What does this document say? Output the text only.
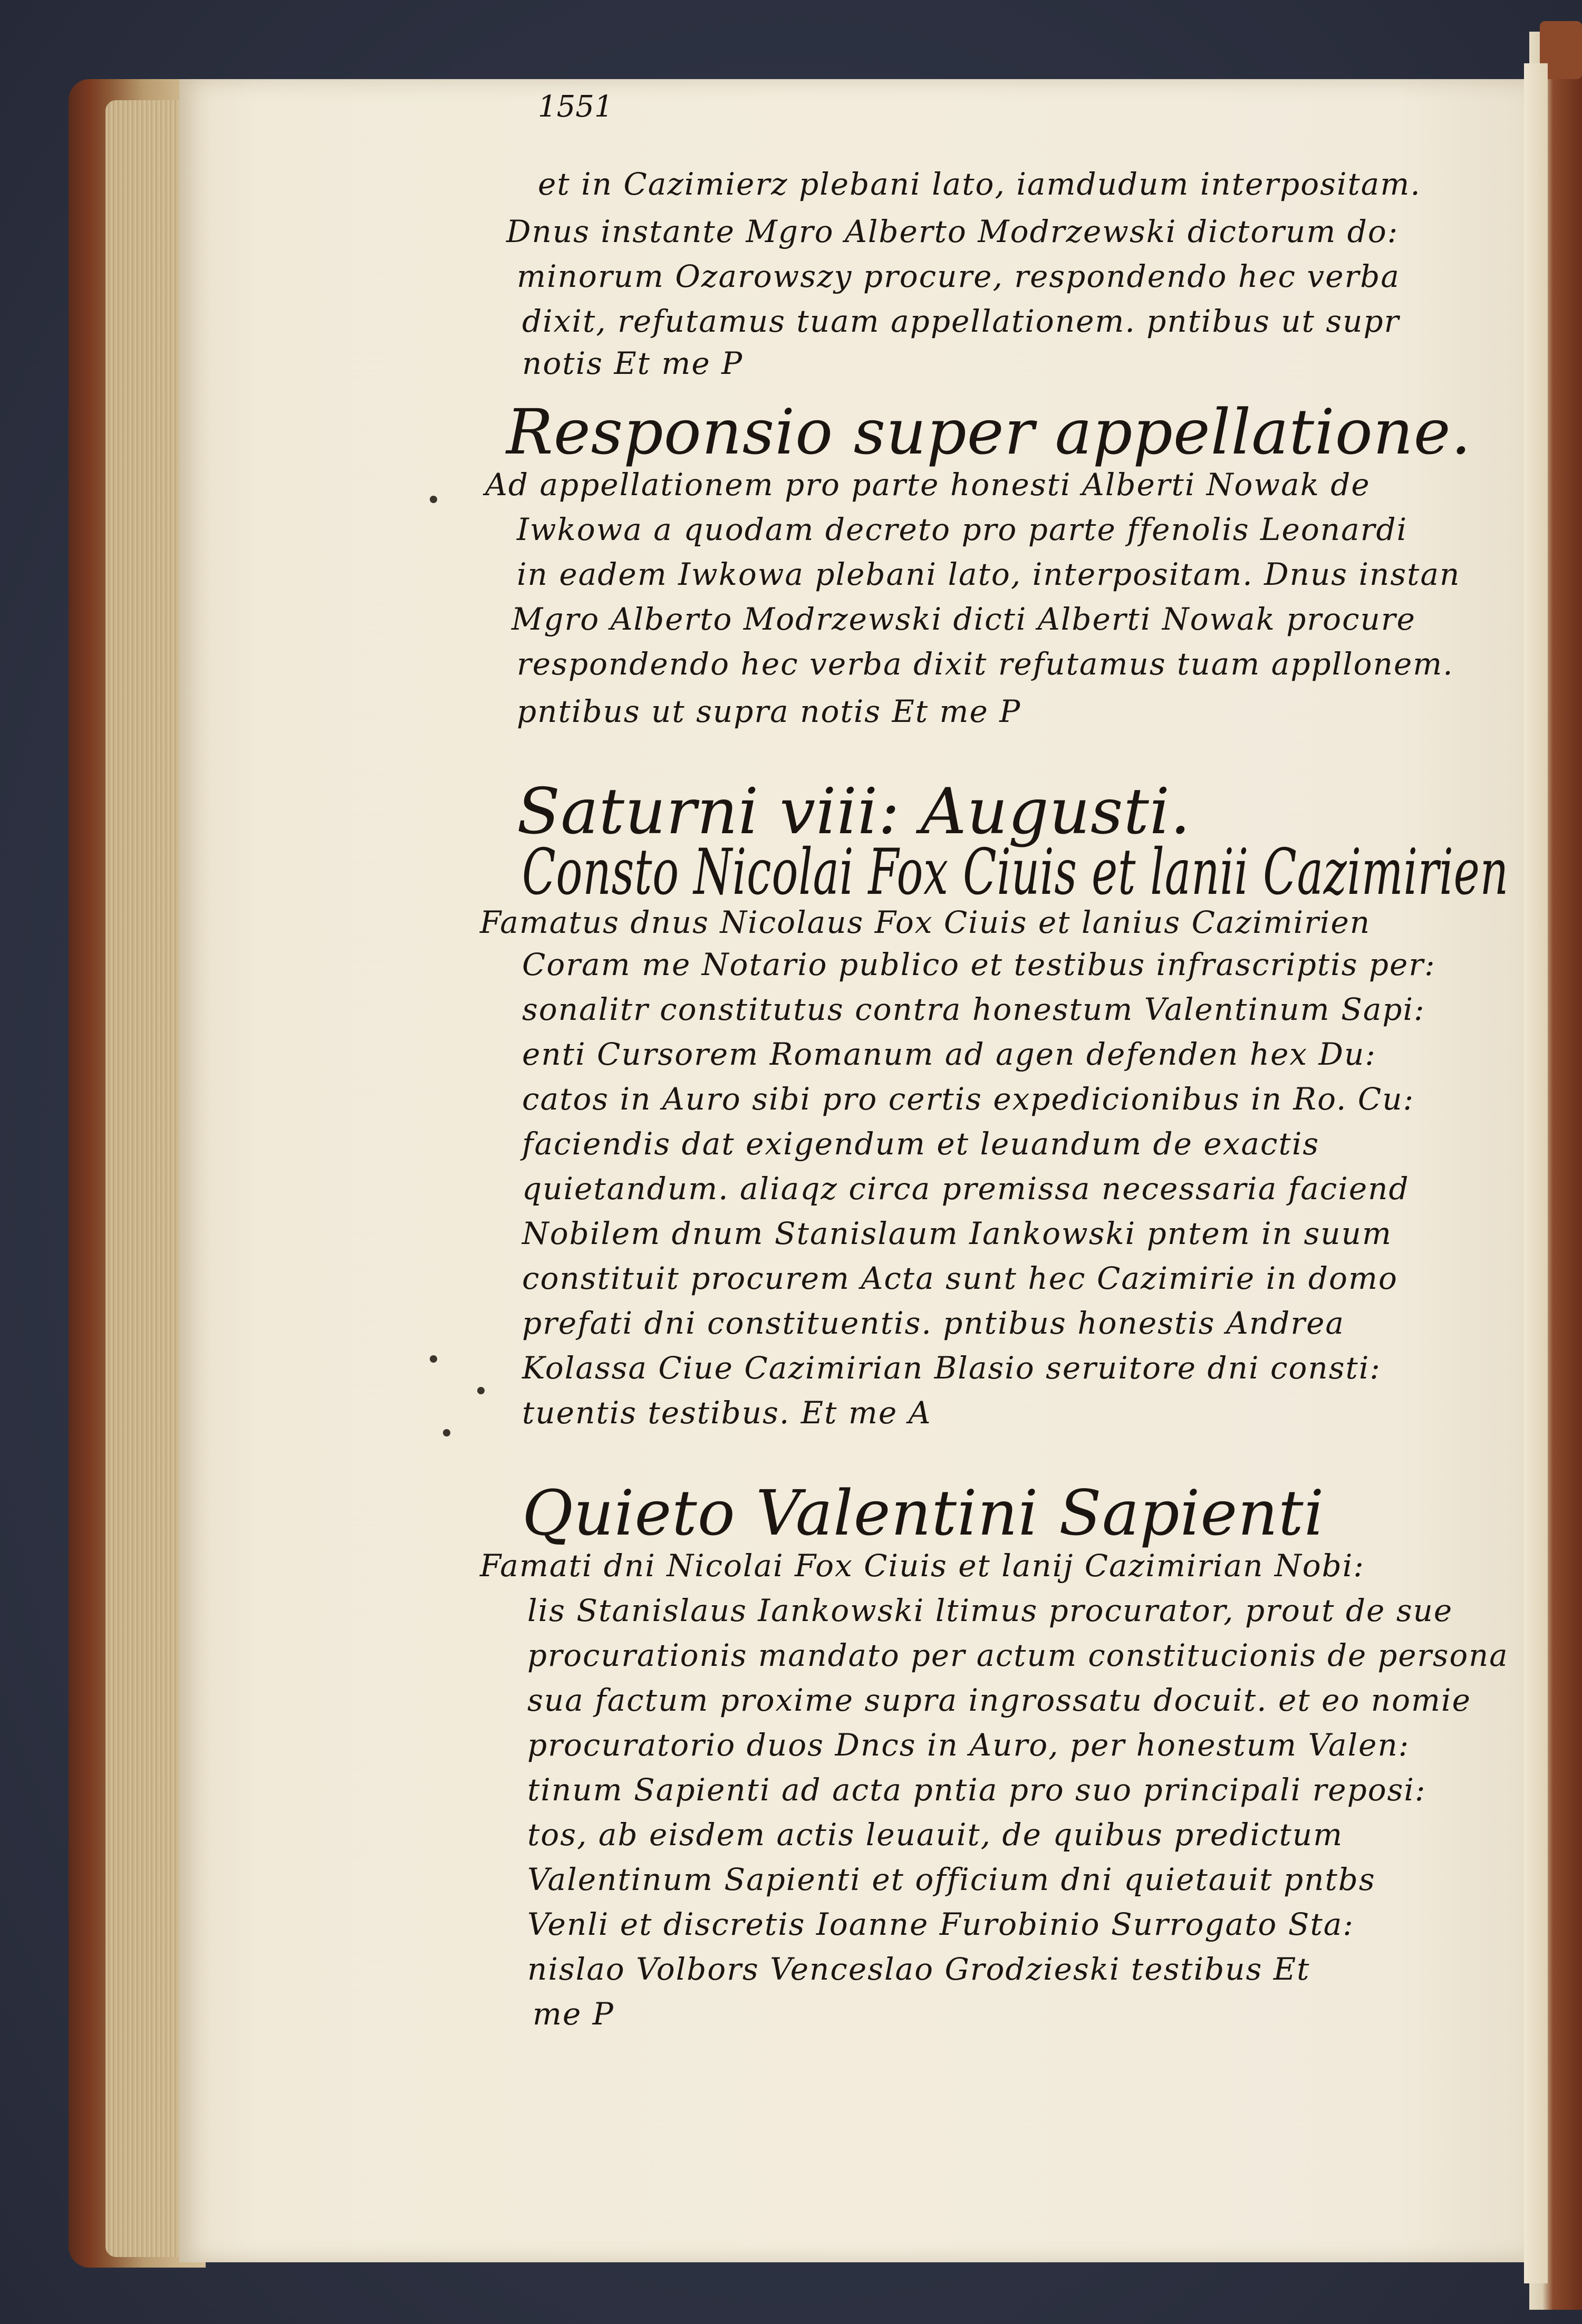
1551
et in Cazimierz plebani lato, iamdudum interpositam.
Dnus instante Mgro Alberto Modrzewski dictorum do:
minorum Ozarowszy procure, respondendo hec verba
dixit, refutamus tuam appellationem. pntibus ut supr
notis Et me P
Responsio super appellatione.
Ad appellationem pro parte honesti Alberti Nowak de
Iwkowa a quodam decreto pro parte ffenolis Leonardi
in eadem Iwkowa plebani lato, interpositam. Dnus instan
Mgro Alberto Modrzewski dicti Alberti Nowak procure
respondendo hec verba dixit refutamus tuam appllonem.
pntibus ut supra notis Et me P
Saturni viii: Augusti.
Consto Nicolai Fox Ciuis et lanii Cazimirien
Famatus dnus Nicolaus Fox Ciuis et lanius Cazimirien
Coram me Notario publico et testibus infrascriptis per:
sonalitr constitutus contra honestum Valentinum Sapi:
enti Cursorem Romanum ad agen defenden hex Du:
catos in Auro sibi pro certis expedicionibus in Ro. Cu:
faciendis dat exigendum et leuandum de exactis
quietandum. aliaqz circa premissa necessaria faciend
Nobilem dnum Stanislaum Iankowski pntem in suum
constituit procurem Acta sunt hec Cazimirie in domo
prefati dni constituentis. pntibus honestis Andrea
Kolassa Ciue Cazimirian Blasio seruitore dni consti:
tuentis testibus. Et me A
Quieto Valentini Sapienti
Famati dni Nicolai Fox Ciuis et lanij Cazimirian Nobi:
lis Stanislaus Iankowski ltimus procurator, prout de sue
procurationis mandato per actum constitucionis de persona
sua factum proxime supra ingrossatu docuit. et eo nomie
procuratorio duos Dncs in Auro, per honestum Valen:
tinum Sapienti ad acta pntia pro suo principali reposi:
tos, ab eisdem actis leuauit, de quibus predictum
Valentinum Sapienti et officium dni quietauit pntbs
Venli et discretis Ioanne Furobinio Surrogato Sta:
nislao Volbors Venceslao Grodzieski testibus Et
me P
